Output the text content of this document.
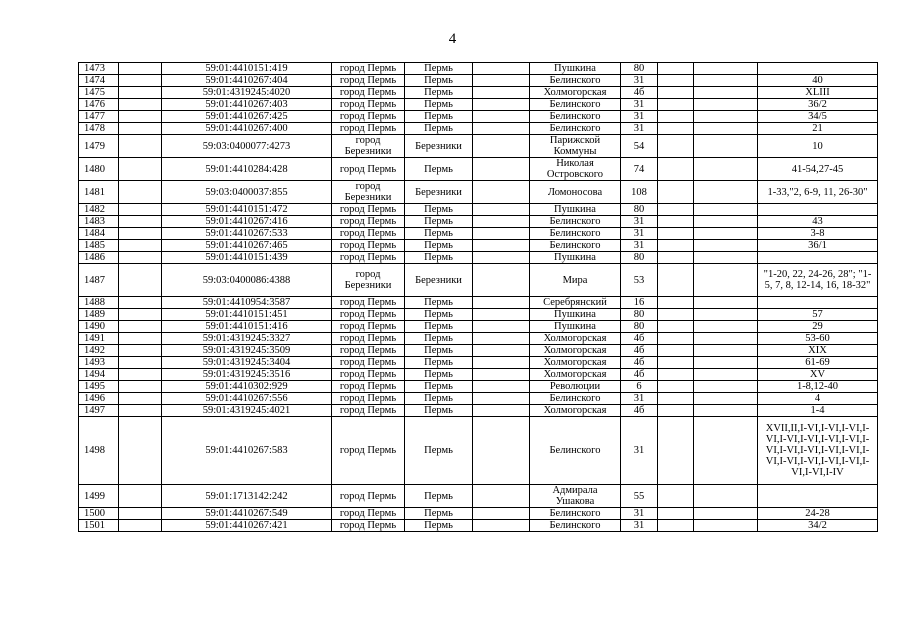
4
1473		59:01:4410151:419	город Пермь	Пермь		Пушкина	80			
1474		59:01:4410267:404	город Пермь	Пермь		Белинского	31			40
1475		59:01:4319245:4020	город Пермь	Пермь		Холмогорская	4б			XLIII
1476		59:01:4410267:403	город Пермь	Пермь		Белинского	31			36/2
1477		59:01:4410267:425	город Пермь	Пермь		Белинского	31			34/5
1478		59:01:4410267:400	город Пермь	Пермь		Белинского	31			21
1479		59:03:0400077:4273	город Березники	Березники		Парижской Коммуны	54			10
1480		59:01:4410284:428	город Пермь	Пермь		Николая Островского	74			41-54,27-45
1481		59:03:0400037:855	город Березники	Березники		Ломоносова	108			1-33,"2, 6-9, 11, 26-30"
1482		59:01:4410151:472	город Пермь	Пермь		Пушкина	80			
1483		59:01:4410267:416	город Пермь	Пермь		Белинского	31			43
1484		59:01:4410267:533	город Пермь	Пермь		Белинского	31			3-8
1485		59:01:4410267:465	город Пермь	Пермь		Белинского	31			36/1
1486		59:01:4410151:439	город Пермь	Пермь		Пушкина	80			
1487		59:03:0400086:4388	город Березники	Березники		Мира	53			"1-20, 22, 24-26, 28"; "1-5, 7, 8, 12-14, 16, 18-32"
1488		59:01:4410954:3587	город Пермь	Пермь		Серебрянский	16			
1489		59:01:4410151:451	город Пермь	Пермь		Пушкина	80			57
1490		59:01:4410151:416	город Пермь	Пермь		Пушкина	80			29
1491		59:01:4319245:3327	город Пермь	Пермь		Холмогорская	4б			53-60
1492		59:01:4319245:3509	город Пермь	Пермь		Холмогорская	4б			XIX
1493		59:01:4319245:3404	город Пермь	Пермь		Холмогорская	4б			61-69
1494		59:01:4319245:3516	город Пермь	Пермь		Холмогорская	4б			XV
1495		59:01:4410302:929	город Пермь	Пермь		Революции	6			1-8,12-40
1496		59:01:4410267:556	город Пермь	Пермь		Белинского	31			4
1497		59:01:4319245:4021	город Пермь	Пермь		Холмогорская	4б			1-4
1498		59:01:4410267:583	город Пермь	Пермь		Белинского	31			XVII,II,I-VI,I-VI,I-VI,I-VI,I-VI,I-VI,I-VI,I-VI,I-VI,I-VI,I-VI,I-VI,I-VI,I-VI,I-VI,I-VI,I-VI,I-VI,I-VI,I-VI,I-IV
1499		59:01:1713142:242	город Пермь	Пермь		Адмирала Ушакова	55			
1500		59:01:4410267:549	город Пермь	Пермь		Белинского	31			24-28
1501		59:01:4410267:421	город Пермь	Пермь		Белинского	31			34/2
